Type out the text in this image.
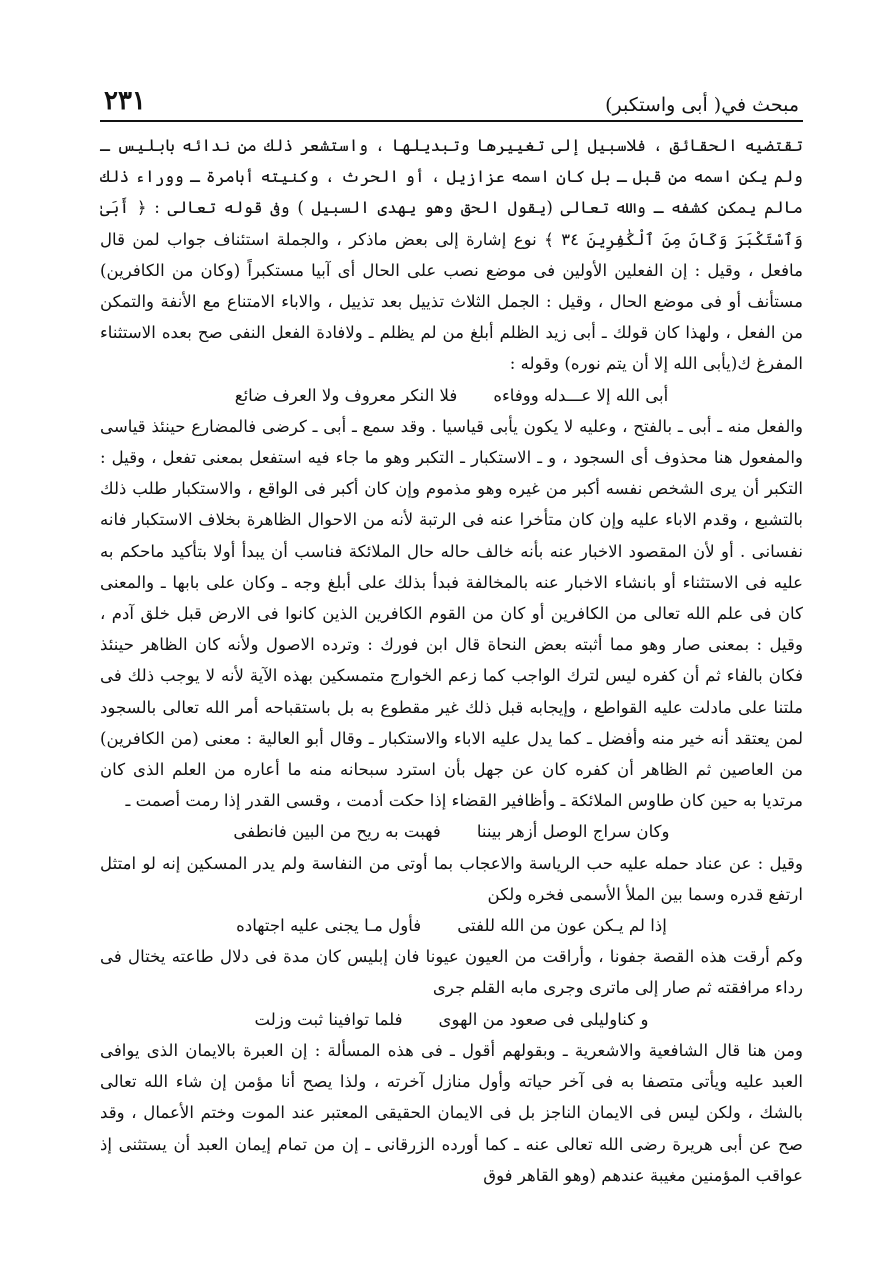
مبحث في( أبى واستكبر)
٢٣١

تقتضيه الحقائق ، فلاسبيل إلى تغييرها وتبديلها ، واستشعر ذلك من ندائه بابليس ـ ولم يكن اسمه من قبل ـ بل كان اسمه عزازيل ، أو الحرث ، وكنيته أبامرة ـ ووراء ذلك مالم يمكن كشفه ـ والله تعالى (يقول الحق وهو يهدى السبيل ) وفى قوله تعالى : ﴿ أَبَىٰ وَٱسْتَكْبَرَ وَكَانَ مِنَ ٱلْكَٰفِرِينَ ٣٤ ﴾ نوع إشارة إلى بعض ماذكر ، والجملة استئناف جواب لمن قال مافعل ، وقيل : إن الفعلين الأولين فى موضع نصب على الحال أى آبيا مستكبراً (وكان من الكافرين) مستأنف أو فى موضع الحال ، وقيل : الجمل الثلاث تذييل بعد تذييل ، والاباء الامتناع مع الأنفة والتمكن من الفعل ، ولهذا كان قولك ـ أبى زيد الظلم أبلغ من لم يظلم ـ ولافادة الفعل النفى صح بعده الاستثناء المفرغ ك(يأبى الله إلا أن يتم نوره) وقوله :

أبى الله إلا عـــدله ووفاءه
فلا النكر معروف ولا العرف ضائع

والفعل منه ـ أبى ـ بالفتح ، وعليه لا يكون يأبى قياسيا . وقد سمع ـ أبى ـ كرضى فالمضارع حينئذ قياسى والمفعول هنا محذوف أى السجود ، و ـ الاستكبار ـ التكبر وهو ما جاء فيه استفعل بمعنى تفعل ، وقيل : التكبر أن يرى الشخص نفسه أكبر من غيره وهو مذموم وإن كان أكبر فى الواقع ، والاستكبار طلب ذلك بالتشبع ، وقدم الاباء عليه وإن كان متأخرا عنه فى الرتبة لأنه من الاحوال الظاهرة بخلاف الاستكبار فانه نفسانى . أو لأن المقصود الاخبار عنه بأنه خالف حاله حال الملائكة فناسب أن يبدأ أولا بتأكيد ماحكم به عليه فى الاستثناء أو بانشاء الاخبار عنه بالمخالفة فبدأ بذلك على أبلغ وجه ـ وكان على بابها ـ والمعنى كان فى علم الله تعالى من الكافرين أو كان من القوم الكافرين الذين كانوا فى الارض قبل خلق آدم ، وقيل : بمعنى صار وهو مما أثبته بعض النحاة قال ابن فورك : وترده الاصول ولأنه كان الظاهر حينئذ فكان بالفاء ثم أن كفره ليس لترك الواجب كما زعم الخوارج متمسكين بهذه الآية لأنه لا يوجب ذلك فى ملتنا على مادلت عليه القواطع ، وإيجابه قبل ذلك غير مقطوع به بل باستقباحه أمر الله تعالى بالسجود لمن يعتقد أنه خير منه وأفضل ـ كما يدل عليه الاباء والاستكبار ـ وقال أبو العالية : معنى (من الكافرين) من العاصين ثم الظاهر أن كفره كان عن جهل بأن استرد سبحانه منه ما أعاره من العلم الذى كان مرتديا به حين كان طاوس الملائكة ـ وأظافير القضاء إذا حكت أدمت ، وقسى القدر إذا رمت أصمت ـ

وكان سراج الوصل أزهر بيننا
فهبت به ريح من البين فانطفى

وقيل : عن عناد حمله عليه حب الرياسة والاعجاب بما أوتى من النفاسة ولم يدر المسكين إنه لو امتثل ارتفع قدره وسما بين الملأ الأسمى فخره ولكن

إذا لم يـكن عون من الله للفتى
فأول مـا يجنى عليه اجتهاده

وكم أرقت هذه القصة جفونا ، وأراقت من العيون عيونا فان إبليس كان مدة فى دلال طاعته يختال فى رداء مرافقته ثم صار إلى ماترى وجرى مابه القلم جرى

و كناوليلى فى صعود من الهوى
فلما توافينا ثبت وزلت

ومن هنا قال الشافعية والاشعرية ـ وبقولهم أقول ـ فى هذه المسألة : إن العبرة بالايمان الذى يوافى العبد عليه ويأتى متصفا به فى آخر حياته وأول منازل آخرته ، ولذا يصح أنا مؤمن إن شاء الله تعالى بالشك ، ولكن ليس فى الايمان الناجز بل فى الايمان الحقيقى المعتبر عند الموت وختم الأعمال ، وقد صح عن أبى هريرة رضى الله تعالى عنه ـ كما أورده الزرقانى ـ إن من تمام إيمان العبد أن يستثنى إذ عواقب المؤمنين مغيبة عندهم (وهو القاهر فوق
